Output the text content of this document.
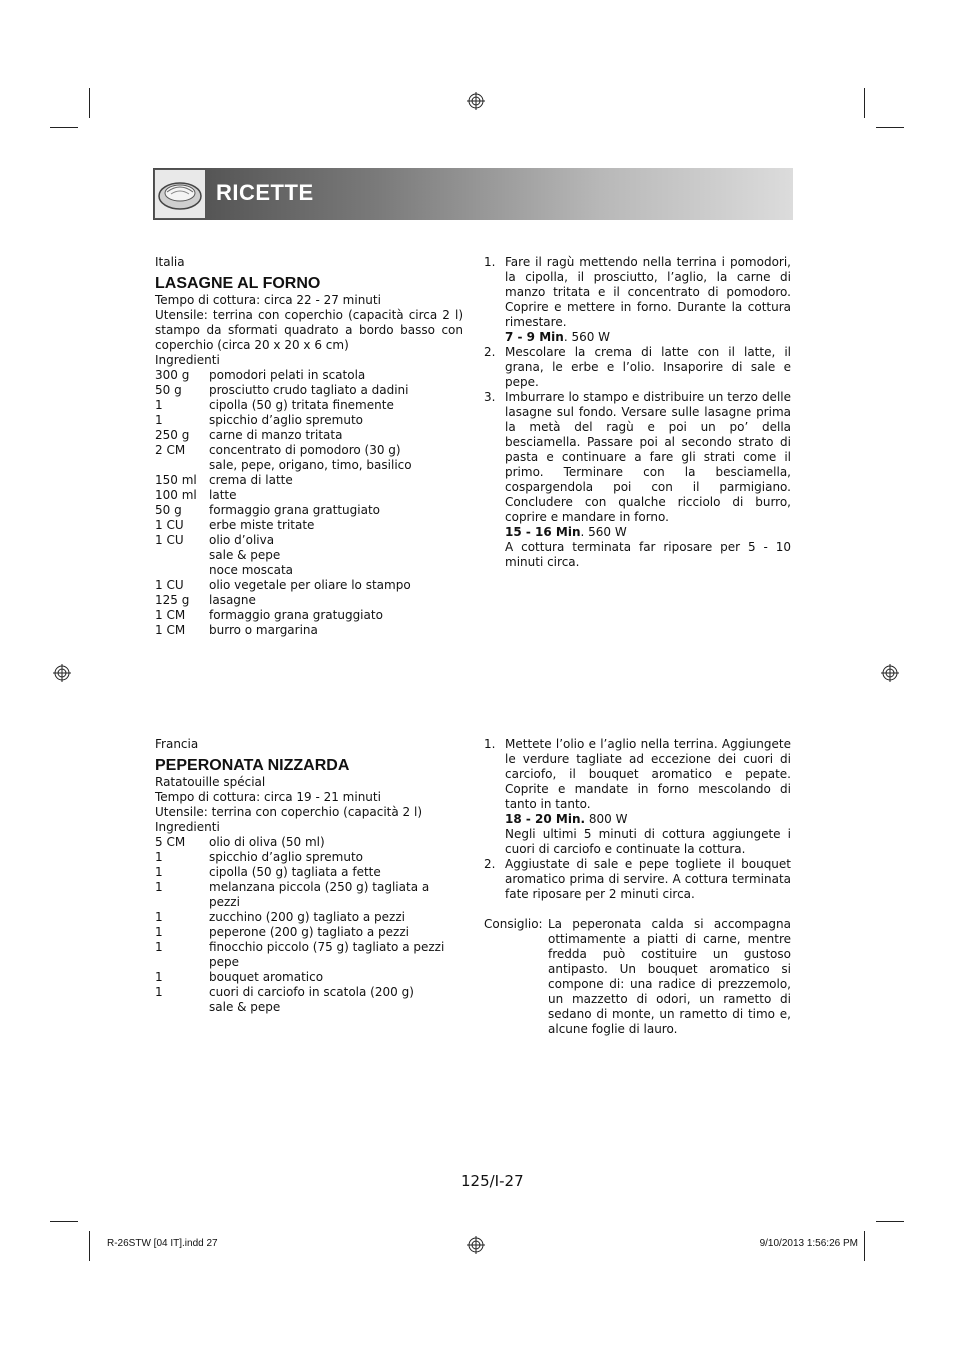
RICETTE
Italia
LASAGNE AL FORNO
Tempo di cottura: circa 22 - 27 minuti
Utensile: terrina con coperchio (capacità circa 2 l) stampo da sformati quadrato a bordo basso con coperchio (circa 20 x 20 x 6 cm)
Ingredienti
300 g	pomodori pelati in scatola
50 g	prosciutto crudo tagliato a dadini
1	cipolla (50 g) tritata finemente
1	spicchio d’aglio spremuto
250 g	carne di manzo tritata
2 CM	concentrato di pomodoro (30 g)
sale, pepe, origano, timo, basilico
150 ml	crema di latte
100 ml	latte
50 g	formaggio grana grattugiato
1 CU	erbe miste tritate
1 CU	olio d’oliva
sale & pepe
noce moscata
1 CU	olio vegetale per oliare lo stampo
125 g	lasagne
1 CM	formaggio grana gratuggiato
1 CM	burro o margarina
1. Fare il ragù mettendo nella terrina i pomodori, la cipolla, il prosciutto, l’aglio, la carne di manzo tritata e il concentrato di pomodoro. Coprire e mettere in forno. Durante la cottura rimestare.
7 - 9 Min. 560 W
2. Mescolare la crema di latte con il latte, il grana, le erbe e l’olio. Insaporire di sale e pepe.
3. Imburrare lo stampo e distribuire un terzo delle lasagne sul fondo. Versare sulle lasagne prima la metà del ragù e poi un po’ della besciamella. Passare poi al secondo strato di pasta e continuare a fare gli strati come il primo. Terminare con la besciamella, cospargendola poi con il parmigiano. Concludere con qualche ricciolo di burro, coprire e mandare in forno.
15 - 16 Min. 560 W
A cottura terminata far riposare per 5 - 10 minuti circa.
Francia
PEPERONATA NIZZARDA
Ratatouille spécial
Tempo di cottura: circa 19 - 21 minuti
Utensile: terrina con coperchio (capacità 2 l)
Ingredienti
5 CM	olio di oliva (50 ml)
1	spicchio d’aglio spremuto
1	cipolla (50 g) tagliata a fette
1	melanzana piccola (250 g) tagliata a pezzi
1	zucchino (200 g) tagliato a pezzi
1	peperone (200 g) tagliato a pezzi
1	finocchio piccolo (75 g) tagliato a pezzi pepe
1	bouquet aromatico
1	cuori di carciofo in scatola (200 g)
sale & pepe
1. Mettete l’olio e l’aglio nella terrina. Aggiungete le verdure tagliate ad eccezione dei cuori di carciofo, il bouquet aromatico e pepate. Coprite e mandate in forno mescolando di tanto in tanto.
18 - 20 Min. 800 W
Negli ultimi 5 minuti di cottura aggiungete i cuori di carciofo e continuate la cottura.
2. Aggiustate di sale e pepe togliete il bouquet aromatico prima di servire. A cottura terminata fate riposare per 2 minuti circa.
Consiglio: La peperonata calda si accompagna ottimamente a piatti di carne, mentre fredda può costituire un gustoso antipasto. Un bouquet aromatico si compone di: una radice di prezzemolo, un mazzetto di odori, un rametto di sedano di monte, un rametto di timo e, alcune foglie di lauro.
125/I-27
R-26STW [04 IT].indd 27	9/10/2013 1:56:26 PM
